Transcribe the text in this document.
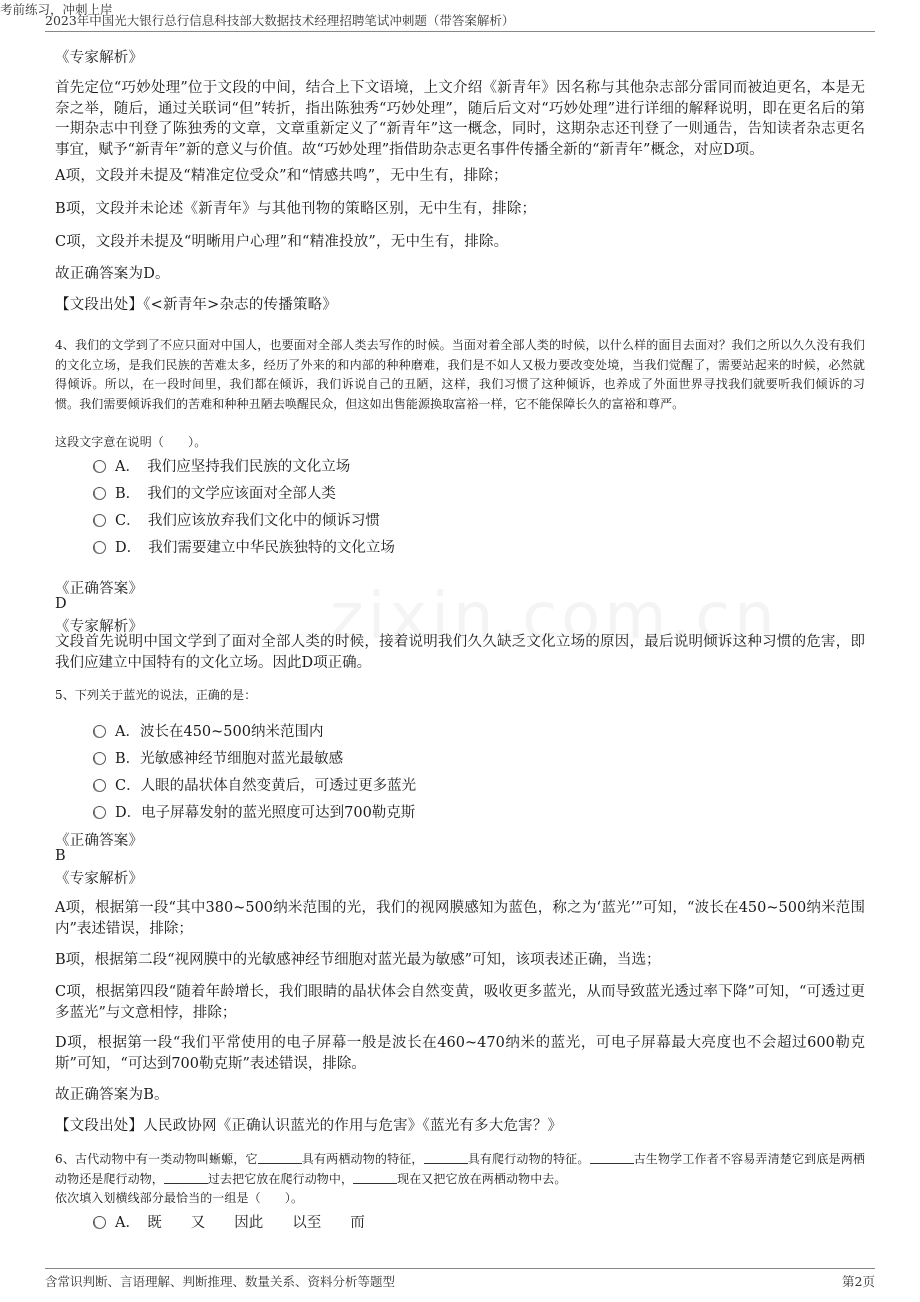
2023年中国光大银行总行信息科技部大数据技术经理招聘笔试冲刺题（带答案解析）
考前练习，冲刺上岸
《专家解析》
首先定位“巧妙处理”位于文段的中间，结合上下文语境，上文介绍《新青年》因名称与其他杂志部分雷同而被迫更名，本是无奈之举，随后，通过关联词“但”转折，指出陈独秀“巧妙处理”，随后后文对“巧妙处理”进行详细的解释说明，即在更名后的第一期杂志中刊登了陈独秀的文章，文章重新定义了“新青年”这一概念，同时，这期杂志还刊登了一则通告，告知读者杂志更名事宜，赋予“新青年”新的意义与价值。故“巧妙处理”指借助杂志更名事件传播全新的“新青年”概念，对应D项。
A项，文段并未提及“精准定位受众”和“情感共鸣”，无中生有，排除；
B项，文段并未论述《新青年》与其他刊物的策略区别，无中生有，排除；
C项，文段并未提及“明晰用户心理”和“精准投放”，无中生有，排除。
故正确答案为D。
【文段出处】《<新青年>杂志的传播策略》
4、我们的文学到了不应只面对中国人，也要面对全部人类去写作的时候。当面对着全部人类的时候，以什么样的面目去面对？我们之所以久久没有我们的文化立场，是我们民族的苦难太多，经历了外来的和内部的种种磨难，我们是不如人又极力要改变处境，当我们觉醒了，需要站起来的时候，必然就得倾诉。所以，在一段时间里，我们都在倾诉，我们诉说自己的丑陋，这样，我们习惯了这种倾诉，也养成了外面世界寻找我们就要听我们倾诉的习惯。我们需要倾诉我们的苦难和种种丑陋去唤醒民众，但这如出售能源换取富裕一样，它不能保障长久的富裕和尊严。
这段文字意在说明（　　）。
A．　我们应坚持我们民族的文化立场
B．　我们的文学应该面对全部人类
C．　我们应该放弃我们文化中的倾诉习惯
D．　我们需要建立中华民族独特的文化立场
《正确答案》
D
《专家解析》
文段首先说明中国文学到了面对全部人类的时候，接着说明我们久久缺乏文化立场的原因，最后说明倾诉这种习惯的危害，即我们应建立中国特有的文化立场。因此D项正确。
5、下列关于蓝光的说法，正确的是：
A．波长在450~500纳米范围内
B．光敏感神经节细胞对蓝光最敏感
C．人眼的晶状体自然变黄后，可透过更多蓝光
D．电子屏幕发射的蓝光照度可达到700勒克斯
《正确答案》
B
《专家解析》
A项，根据第一段“其中380~500纳米范围的光，我们的视网膜感知为蓝色，称之为‘蓝光’”可知，“波长在450~500纳米范围内”表述错误，排除；
B项，根据第二段“视网膜中的光敏感神经节细胞对蓝光最为敏感”可知，该项表述正确，当选；
C项，根据第四段“随着年龄增长，我们眼睛的晶状体会自然变黄，吸收更多蓝光，从而导致蓝光透过率下降”可知，“可透过更多蓝光”与文意相悖，排除；
D项，根据第一段“我们平常使用的电子屏幕一般是波长在460~470纳米的蓝光，可电子屏幕最大亮度也不会超过600勒克斯”可知，“可达到700勒克斯”表述错误，排除。
故正确答案为B。
【文段出处】人民政协网《正确认识蓝光的作用与危害》《蓝光有多大危害？》
6、古代动物中有一类动物叫蜥螈，它	具有两栖动物的特征，	具有爬行动物的特征。	古生物学工作者不容易弄清楚它到底是两栖动物还是爬行动物，	过去把它放在爬行动物中，	现在又把它放在两栖动物中去。
依次填入划横线部分最恰当的一组是（　　）。
A．　既　　又　　因此　　以至　　而
含常识判断、言语理解、判断推理、数量关系、资料分析等题型	第2页
